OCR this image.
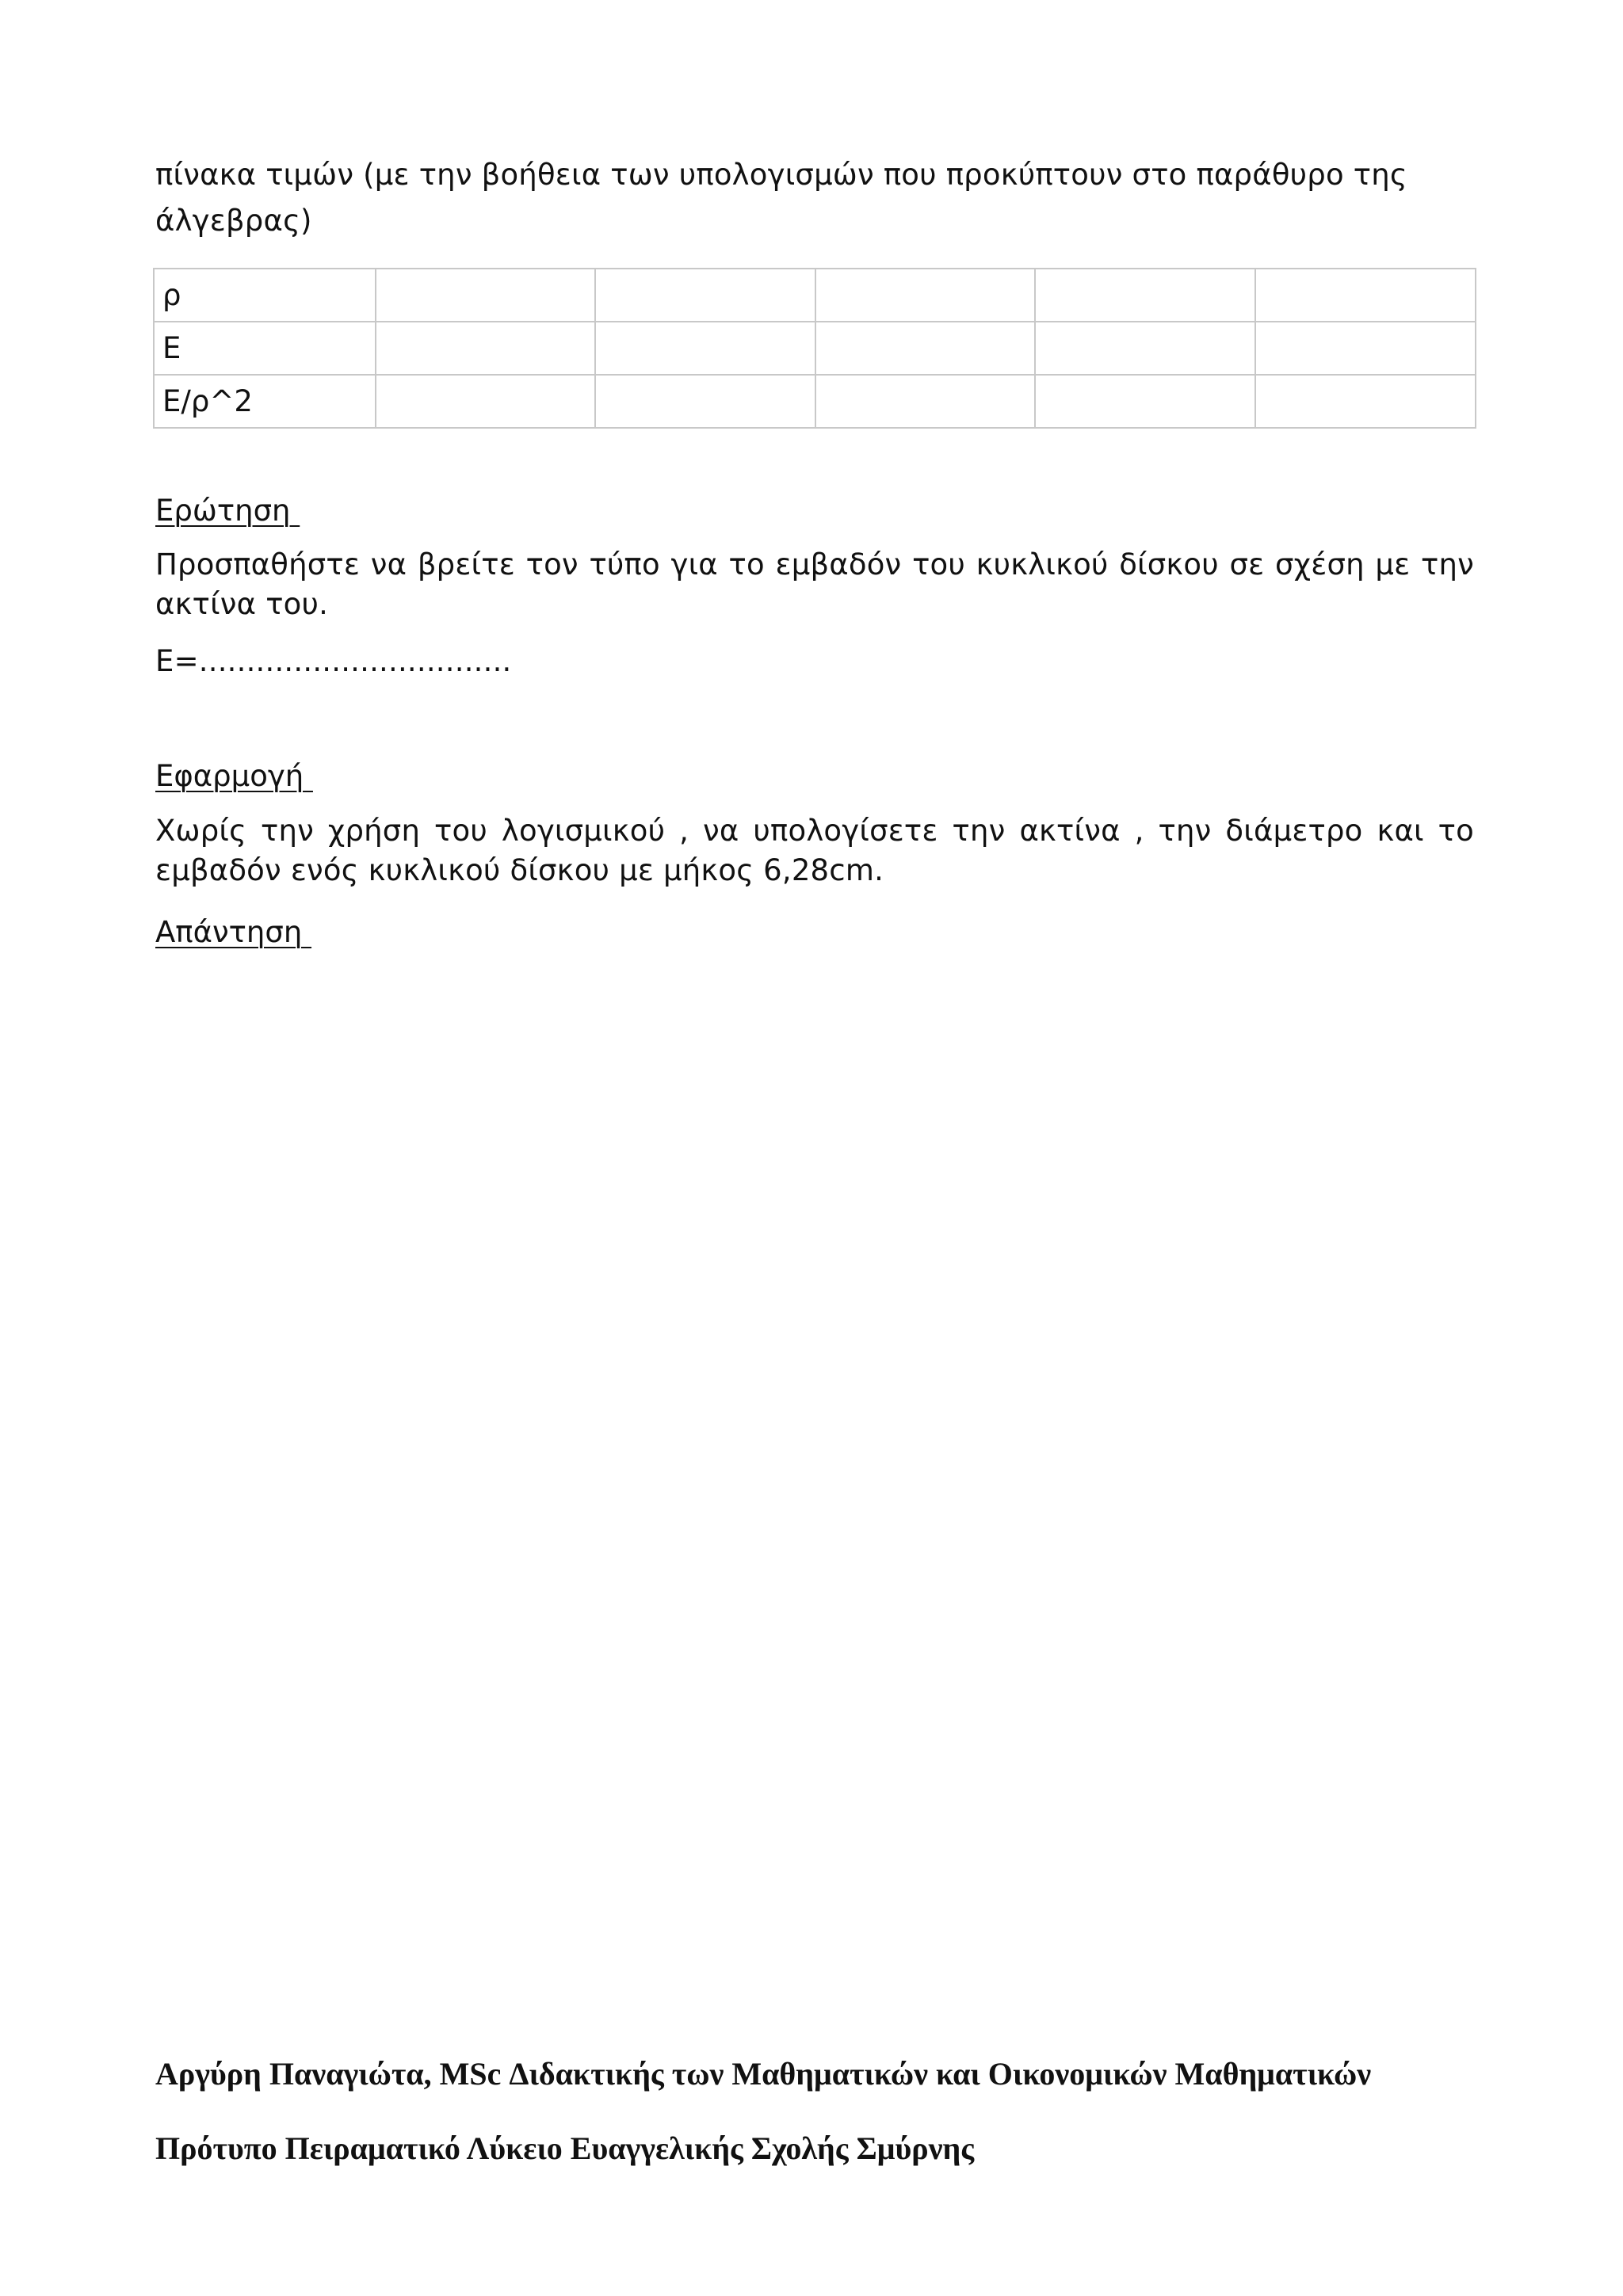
πίνακα τιμών (με την βοήθεια των υπολογισμών που προκύπτουν στο παράθυρο της
άλγεβρας)
ρ					
Ε					
Ε/ρ^2					
Ερώτηση
Προσπαθήστε να βρείτε τον τύπο για το εμβαδόν του κυκλικού δίσκου σε σχέση με την ακτίνα του.
Ε=.................................
Εφαρμογή
Χωρίς την χρήση του λογισμικού , να υπολογίσετε την ακτίνα , την διάμετρο και το εμβαδόν ενός κυκλικού δίσκου με μήκος 6,28cm.
Απάντηση
Αργύρη Παναγιώτα, MSc Διδακτικής των Μαθηματικών και Οικονομικών Μαθηματικών
Πρότυπο Πειραματικό Λύκειο Ευαγγελικής Σχολής Σμύρνης
